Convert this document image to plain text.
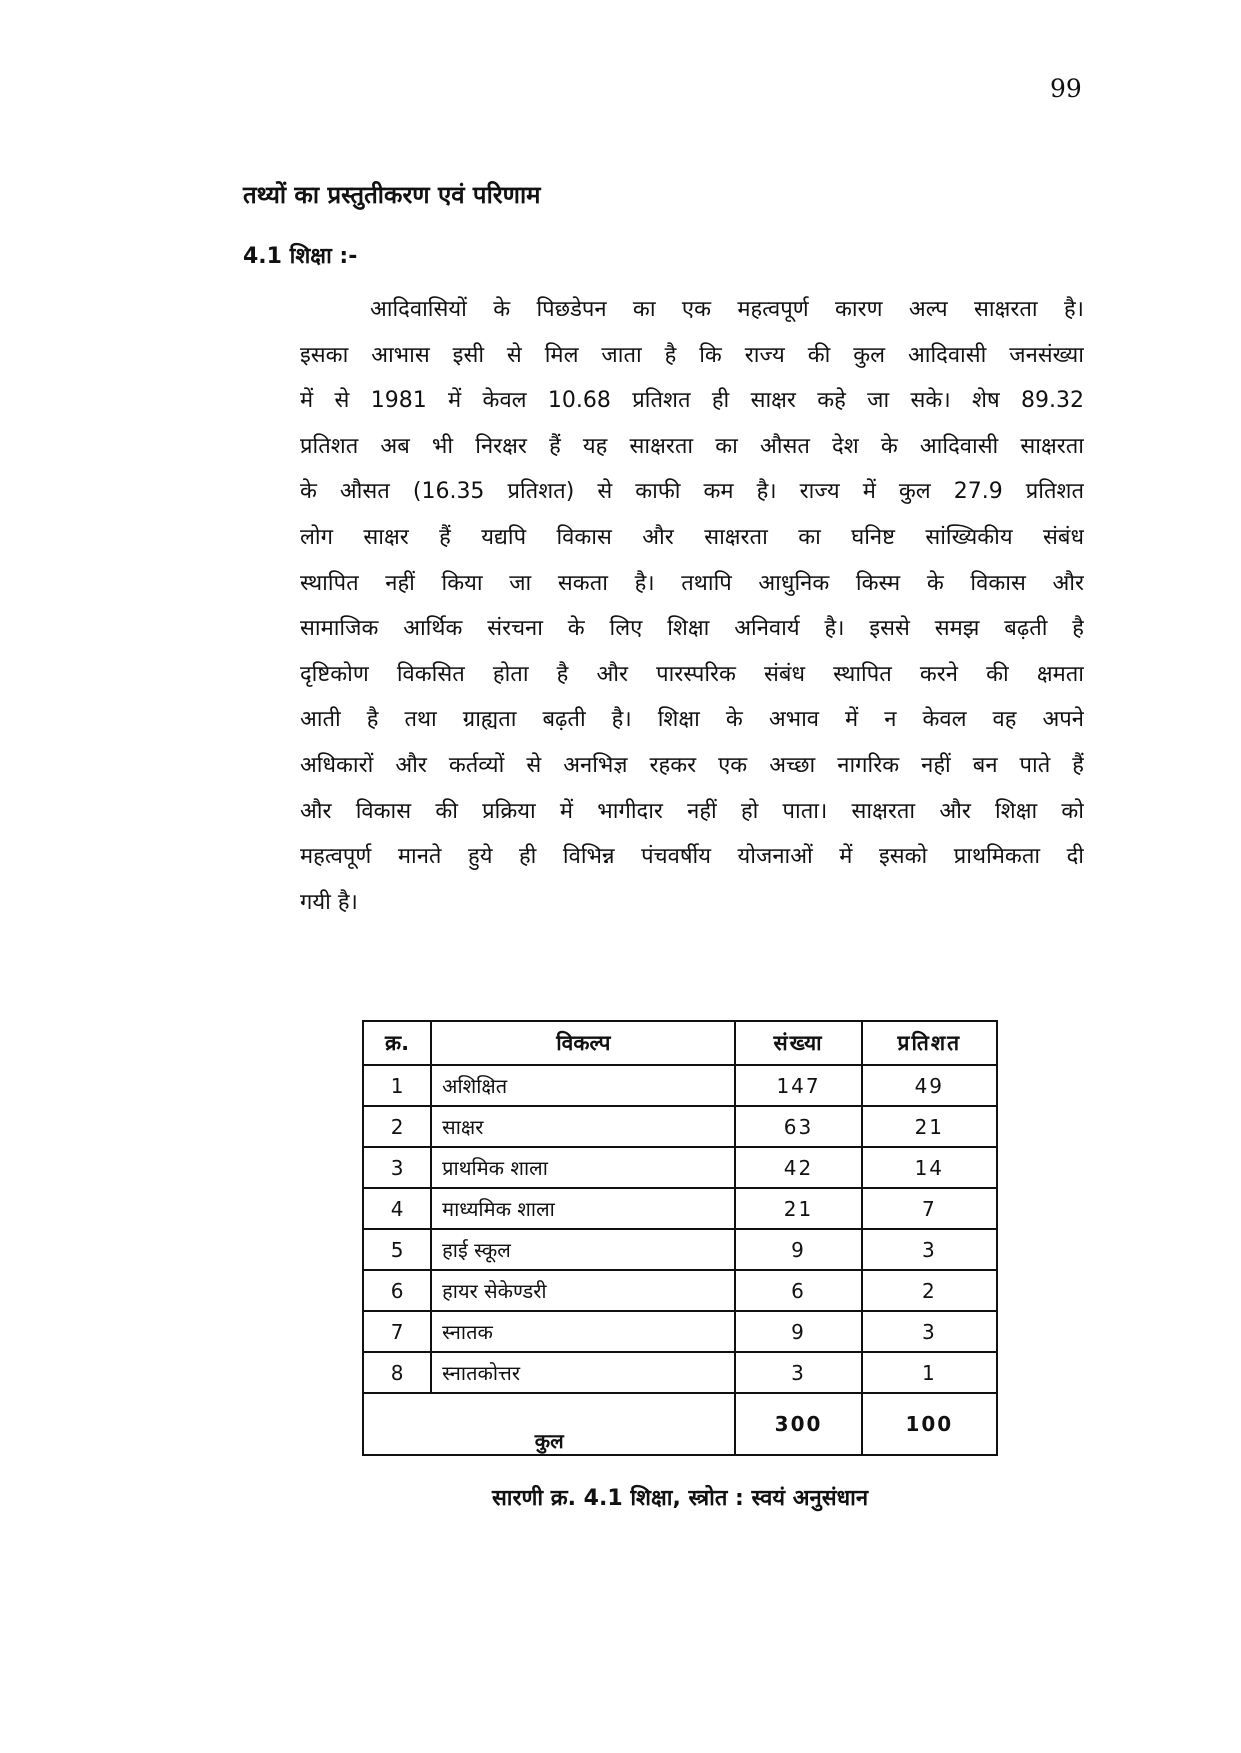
99
तथ्यों का प्रस्तुतीकरण एवं परिणाम
4.1 शिक्षा :-
आदिवासियों के पिछडेपन का एक महत्वपूर्ण कारण अल्प साक्षरता है।
इसका आभास इसी से मिल जाता है कि राज्य की कुल आदिवासी जनसंख्या
में से 1981 में केवल 10.68 प्रतिशत ही साक्षर कहे जा सके। शेष 89.32
प्रतिशत अब भी निरक्षर हैं यह साक्षरता का औसत देश के आदिवासी साक्षरता
के औसत (16.35 प्रतिशत) से काफी कम है। राज्य में कुल 27.9 प्रतिशत
लोग साक्षर हैं यद्यपि विकास और साक्षरता का घनिष्ट सांख्यिकीय संबंध
स्थापित नहीं किया जा सकता है। तथापि आधुनिक किस्म के विकास और
सामाजिक आर्थिक संरचना के लिए शिक्षा अनिवार्य है। इससे समझ बढ़ती है
दृष्टिकोण विकसित होता है और पारस्परिक संबंध स्थापित करने की क्षमता
आती है तथा ग्राह्यता बढ़ती है। शिक्षा के अभाव में न केवल वह अपने
अधिकारों और कर्तव्यों से अनभिज्ञ रहकर एक अच्छा नागरिक नहीं बन पाते हैं
और विकास की प्रक्रिया में भागीदार नहीं हो पाता। साक्षरता और शिक्षा को
महत्वपूर्ण मानते हुये ही विभिन्न पंचवर्षीय योजनाओं में इसको प्राथमिकता दी
गयी है।
क्र.	विकल्प	संख्या	प्रतिशत
1	अशिक्षित	147	49
2	साक्षर	63	21
3	प्राथमिक शाला	42	14
4	माध्यमिक शाला	21	7
5	हाई स्कूल	9	3
6	हायर सेकेण्डरी	6	2
7	स्नातक	9	3
8	स्नातकोत्तर	3	1
कुल		300	100
सारणी क्र. 4.1 शिक्षा, स्त्रोत : स्वयं अनुसंधान
